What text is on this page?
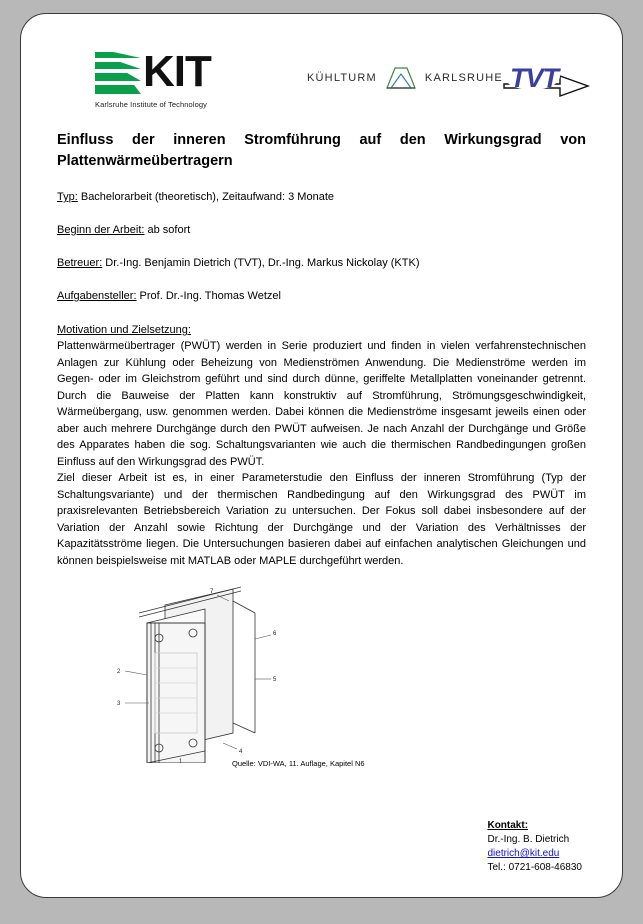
KIT
Karlsruhe Institute of Technology
KÜHLTURM	KARLSRUHE TVT
Einfluss der inneren Stromführung auf den Wirkungsgrad von Plattenwärmeübertragern
Typ: Bachelorarbeit (theoretisch), Zeitaufwand: 3 Monate
Beginn der Arbeit: ab sofort
Betreuer: Dr.-Ing. Benjamin Dietrich (TVT), Dr.-Ing. Markus Nickolay (KTK)
Aufgabensteller: Prof. Dr.-Ing. Thomas Wetzel
Motivation und Zielsetzung:

Plattenwärmeübertrager (PWÜT) werden in Serie produziert und finden in vielen verfahrenstechnischen Anlagen zur Kühlung oder Beheizung von Medienströmen Anwendung. Die Medienströme werden im Gegen- oder im Gleichstrom geführt und sind durch dünne, geriffelte Metallplatten voneinander getrennt. Durch die Bauweise der Platten kann konstruktiv auf Stromführung, Strömungsgeschwindigkeit, Wärmeübergang, usw. genommen werden. Dabei können die Medienströme insgesamt jeweils einen oder aber auch mehrere Durchgänge durch den PWÜT aufweisen. Je nach Anzahl der Durchgänge und Größe des Apparates haben die sog. Schaltungsvarianten wie auch die thermischen Randbedingungen großen Einfluss auf den Wirkungsgrad des PWÜT.

Ziel dieser Arbeit ist es, in einer Parameterstudie den Einfluss der inneren Stromführung (Typ der Schaltungsvariante) und der thermischen Randbedingung auf den Wirkungsgrad des PWÜT im praxisrelevanten Betriebsbereich Variation zu untersuchen. Der Fokus soll dabei insbesondere auf der Variation der Anzahl sowie Richtung der Durchgänge und der Variation des Verhältnisses der Kapazitätsströme liegen. Die Untersuchungen basieren dabei auf einfachen analytischen Gleichungen und können beispielsweise mit MATLAB oder MAPLE durchgeführt werden.

2
3
7
6
5
4
1	Quelle: VDI-WA, 11. Auflage, Kapitel N6
Kontakt:
Dr.-Ing. B. Dietrich
dietrich@kit.edu
Tel.: 0721-608-46830
